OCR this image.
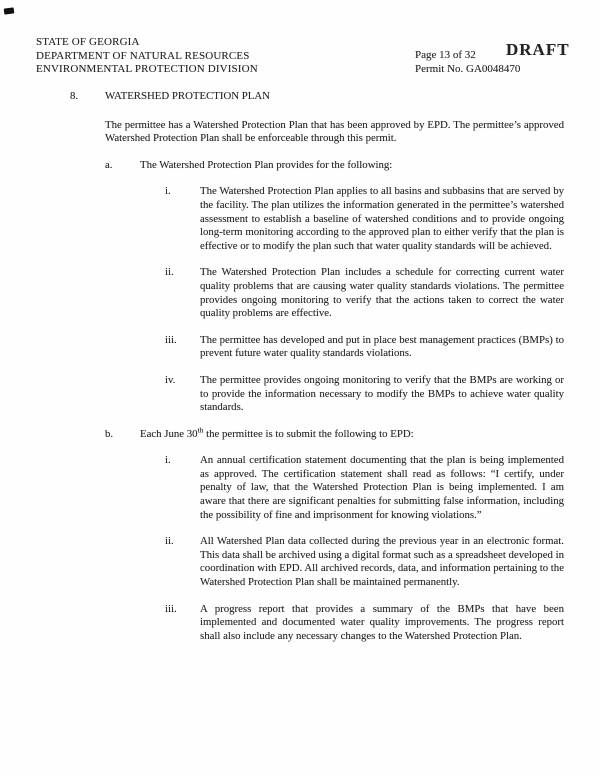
STATE OF GEORGIA
DEPARTMENT OF NATURAL RESOURCES
ENVIRONMENTAL PROTECTION DIVISION
Page 13 of 32
Permit No. GA0048470
DRAFT
8.	WATERSHED PROTECTION PLAN

The permittee has a Watershed Protection Plan that has been approved by EPD. The permittee’s approved Watershed Protection Plan shall be enforceable through this permit.

a.	The Watershed Protection Plan provides for the following:
i.	The Watershed Protection Plan applies to all basins and subbasins that are served by the facility. The plan utilizes the information generated in the permittee’s watershed assessment to establish a baseline of watershed conditions and to provide ongoing long-term monitoring according to the approved plan to either verify that the plan is effective or to modify the plan such that water quality standards will be achieved.

ii.	The Watershed Protection Plan includes a schedule for correcting current water quality problems that are causing water quality standards violations. The permittee provides ongoing monitoring to verify that the actions taken to correct the water quality problems are effective.

iii.	The permittee has developed and put in place best management practices (BMPs) to prevent future water quality standards violations.

iv.	The permittee provides ongoing monitoring to verify that the BMPs are working or to provide the information necessary to modify the BMPs to achieve water quality standards.

b.	Each June 30th the permittee is to submit the following to EPD:
i.	An annual certification statement documenting that the plan is being implemented as approved. The certification statement shall read as follows: “I certify, under penalty of law, that the Watershed Protection Plan is being implemented. I am aware that there are significant penalties for submitting false information, including the possibility of fine and imprisonment for knowing violations.”

ii.	All Watershed Plan data collected during the previous year in an electronic format. This data shall be archived using a digital format such as a spreadsheet developed in coordination with EPD. All archived records, data, and information pertaining to the Watershed Protection Plan shall be maintained permanently.

iii.	A progress report that provides a summary of the BMPs that have been implemented and documented water quality improvements. The progress report shall also include any necessary changes to the Watershed Protection Plan.
